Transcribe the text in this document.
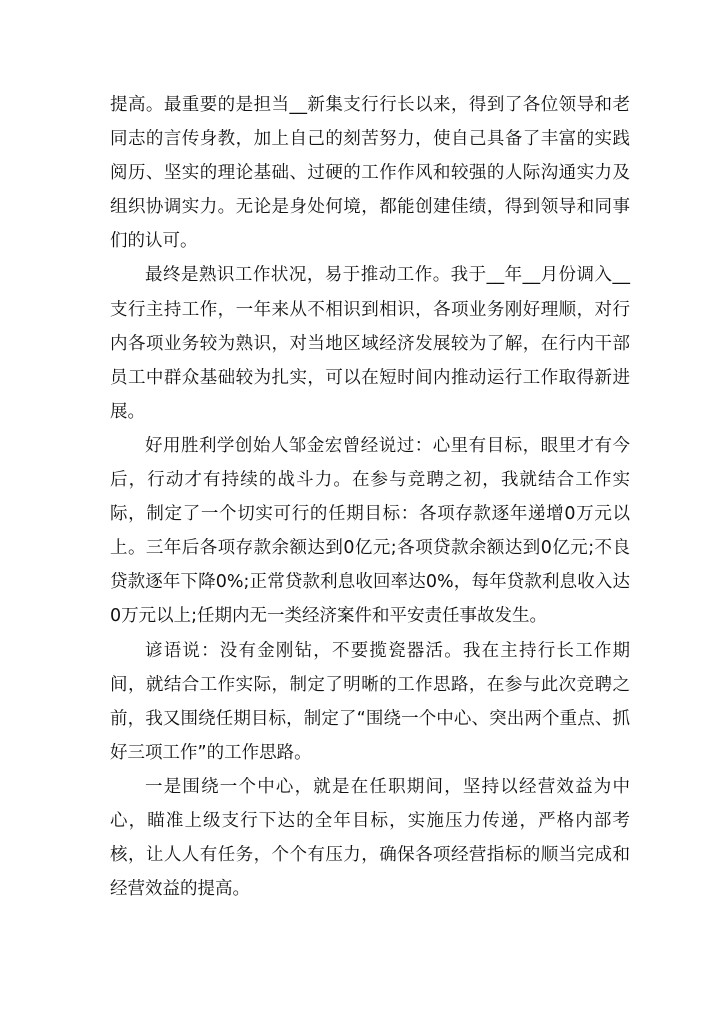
提高。最重要的是担当__新集支行行长以来，得到了各位领导和老同志的言传身教，加上自己的刻苦努力，使自己具备了丰富的实践阅历、坚实的理论基础、过硬的工作作风和较强的人际沟通实力及组织协调实力。无论是身处何境，都能创建佳绩，得到领导和同事们的认可。

最终是熟识工作状况，易于推动工作。我于__年__月份调入__支行主持工作，一年来从不相识到相识，各项业务刚好理顺，对行内各项业务较为熟识，对当地区域经济发展较为了解，在行内干部员工中群众基础较为扎实，可以在短时间内推动运行工作取得新进展。

好用胜利学创始人邹金宏曾经说过：心里有目标，眼里才有今后，行动才有持续的战斗力。在参与竞聘之初，我就结合工作实际，制定了一个切实可行的任期目标：各项存款逐年递增0万元以上。三年后各项存款余额达到0亿元;各项贷款余额达到0亿元;不良贷款逐年下降0%;正常贷款利息收回率达0%，每年贷款利息收入达0万元以上;任期内无一类经济案件和平安责任事故发生。

谚语说：没有金刚钻，不要揽瓷器活。我在主持行长工作期间，就结合工作实际，制定了明晰的工作思路，在参与此次竞聘之前，我又围绕任期目标，制定了“围绕一个中心、突出两个重点、抓好三项工作”的工作思路。

一是围绕一个中心，就是在任职期间，坚持以经营效益为中心，瞄准上级支行下达的全年目标，实施压力传递，严格内部考核，让人人有任务，个个有压力，确保各项经营指标的顺当完成和经营效益的提高。
